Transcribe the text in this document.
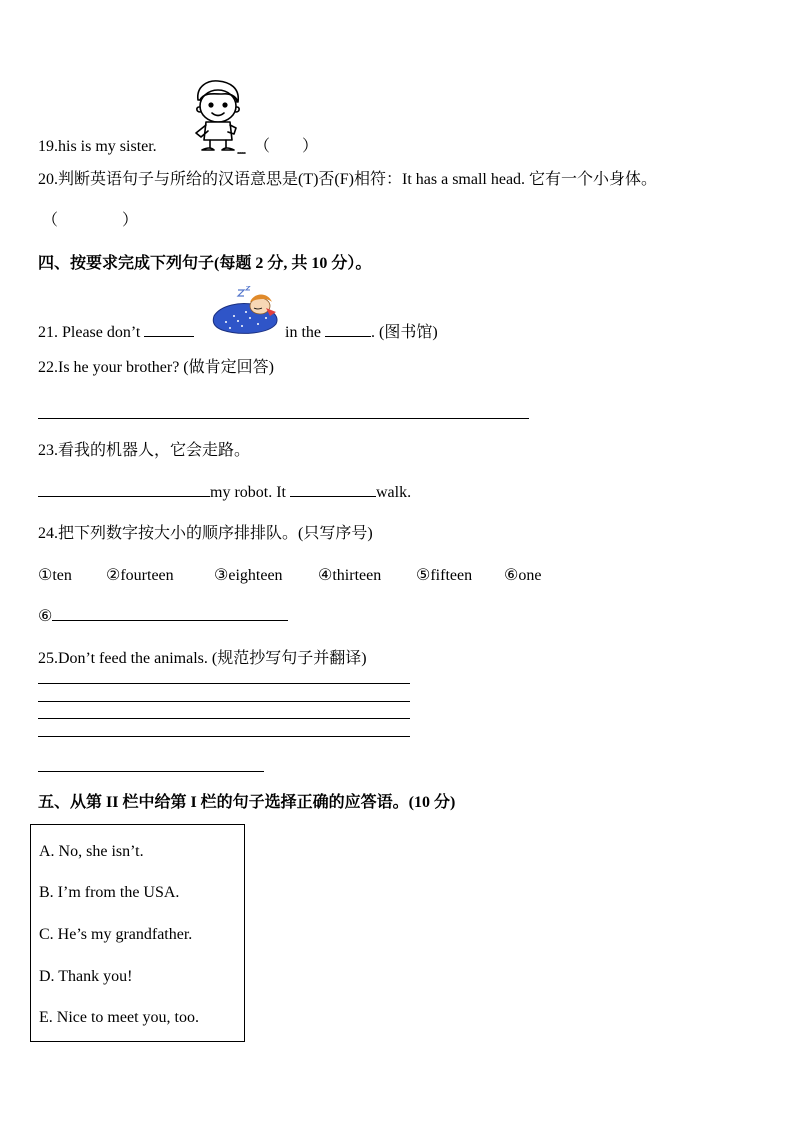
19.his is my sister.	（　　）
20.判断英语句子与所给的汉语意思是(T)否(F)相符：It has a small head. 它有一个小身体。
（　　　　）
四、按要求完成下列句子(每题 2 分, 共 10 分）。
21. Please don’t	in the	. (图书馆)
22.Is he your brother? (做肯定回答)
23.看我的机器人，它会走路。
my robot. It	walk.
24.把下列数字按大小的顺序排排队。(只写序号)
①ten ②fourteen	③eighteen ④thirteen ⑤fifteen ⑥one
⑥
25.Don’t feed the animals. (规范抄写句子并翻译)
五、从第 II 栏中给第 I 栏的句子选择正确的应答语。(10 分)
A. No, she isn’t.
B. I’m from the USA.
C. He’s my grandfather.
D. Thank you!
E. Nice to meet you, too.
